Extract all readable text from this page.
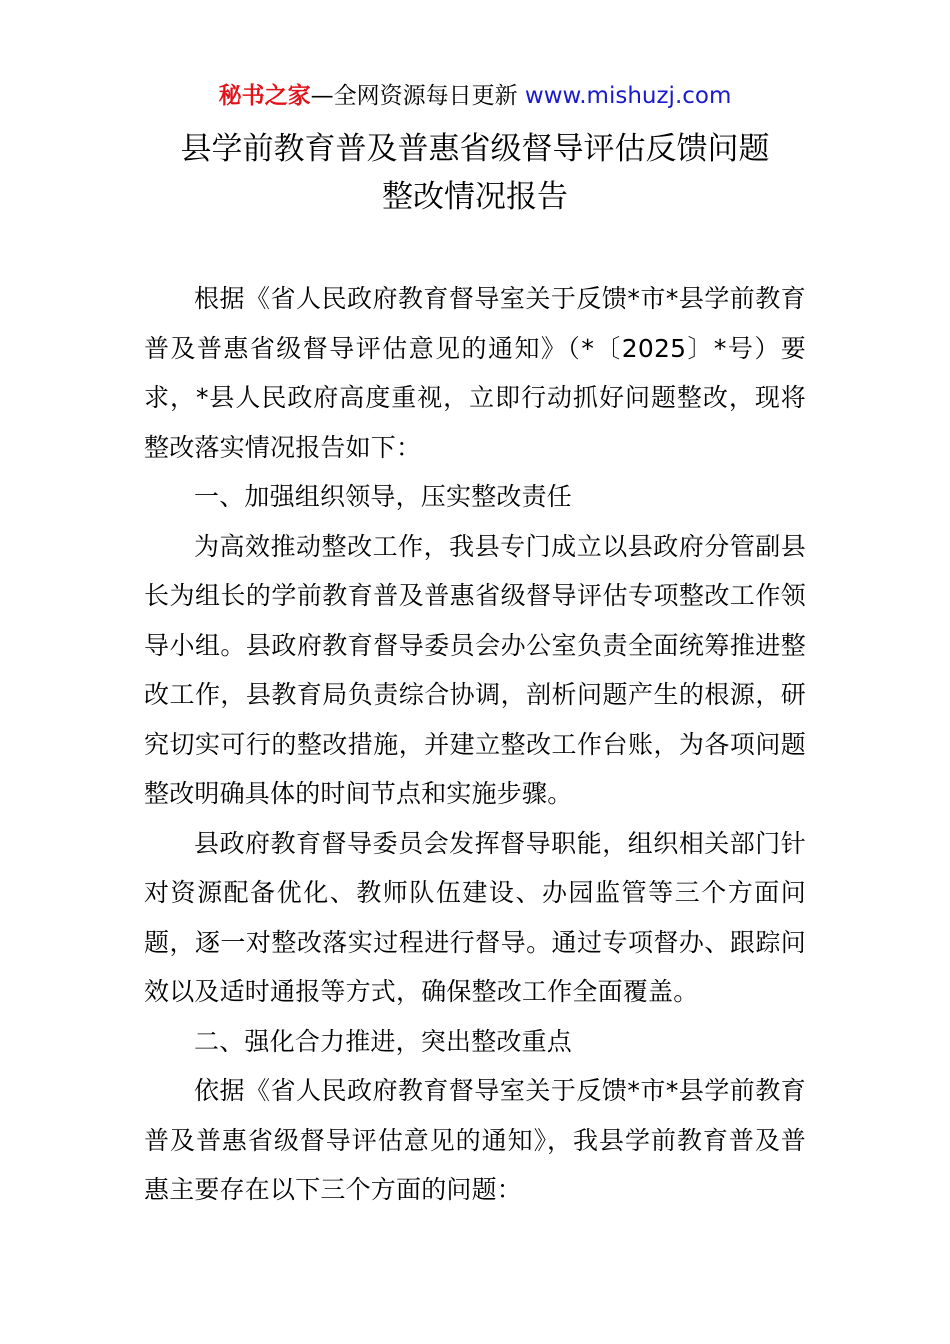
秘书之家—全网资源每日更新 www.mishuzj.com
县学前教育普及普惠省级督导评估反馈问题
整改情况报告

根据《省人民政府教育督导室关于反馈*市*县学前教育普及普惠省级督导评估意见的通知》（*〔2025〕*号）要求，*县人民政府高度重视，立即行动抓好问题整改，现将整改落实情况报告如下：

一、加强组织领导，压实整改责任

为高效推动整改工作，我县专门成立以县政府分管副县长为组长的学前教育普及普惠省级督导评估专项整改工作领导小组。县政府教育督导委员会办公室负责全面统筹推进整改工作，县教育局负责综合协调，剖析问题产生的根源，研究切实可行的整改措施，并建立整改工作台账，为各项问题整改明确具体的时间节点和实施步骤。

县政府教育督导委员会发挥督导职能，组织相关部门针对资源配备优化、教师队伍建设、办园监管等三个方面问题，逐一对整改落实过程进行督导。通过专项督办、跟踪问效以及适时通报等方式，确保整改工作全面覆盖。

二、强化合力推进，突出整改重点

依据《省人民政府教育督导室关于反馈*市*县学前教育普及普惠省级督导评估意见的通知》，我县学前教育普及普惠主要存在以下三个方面的问题：
